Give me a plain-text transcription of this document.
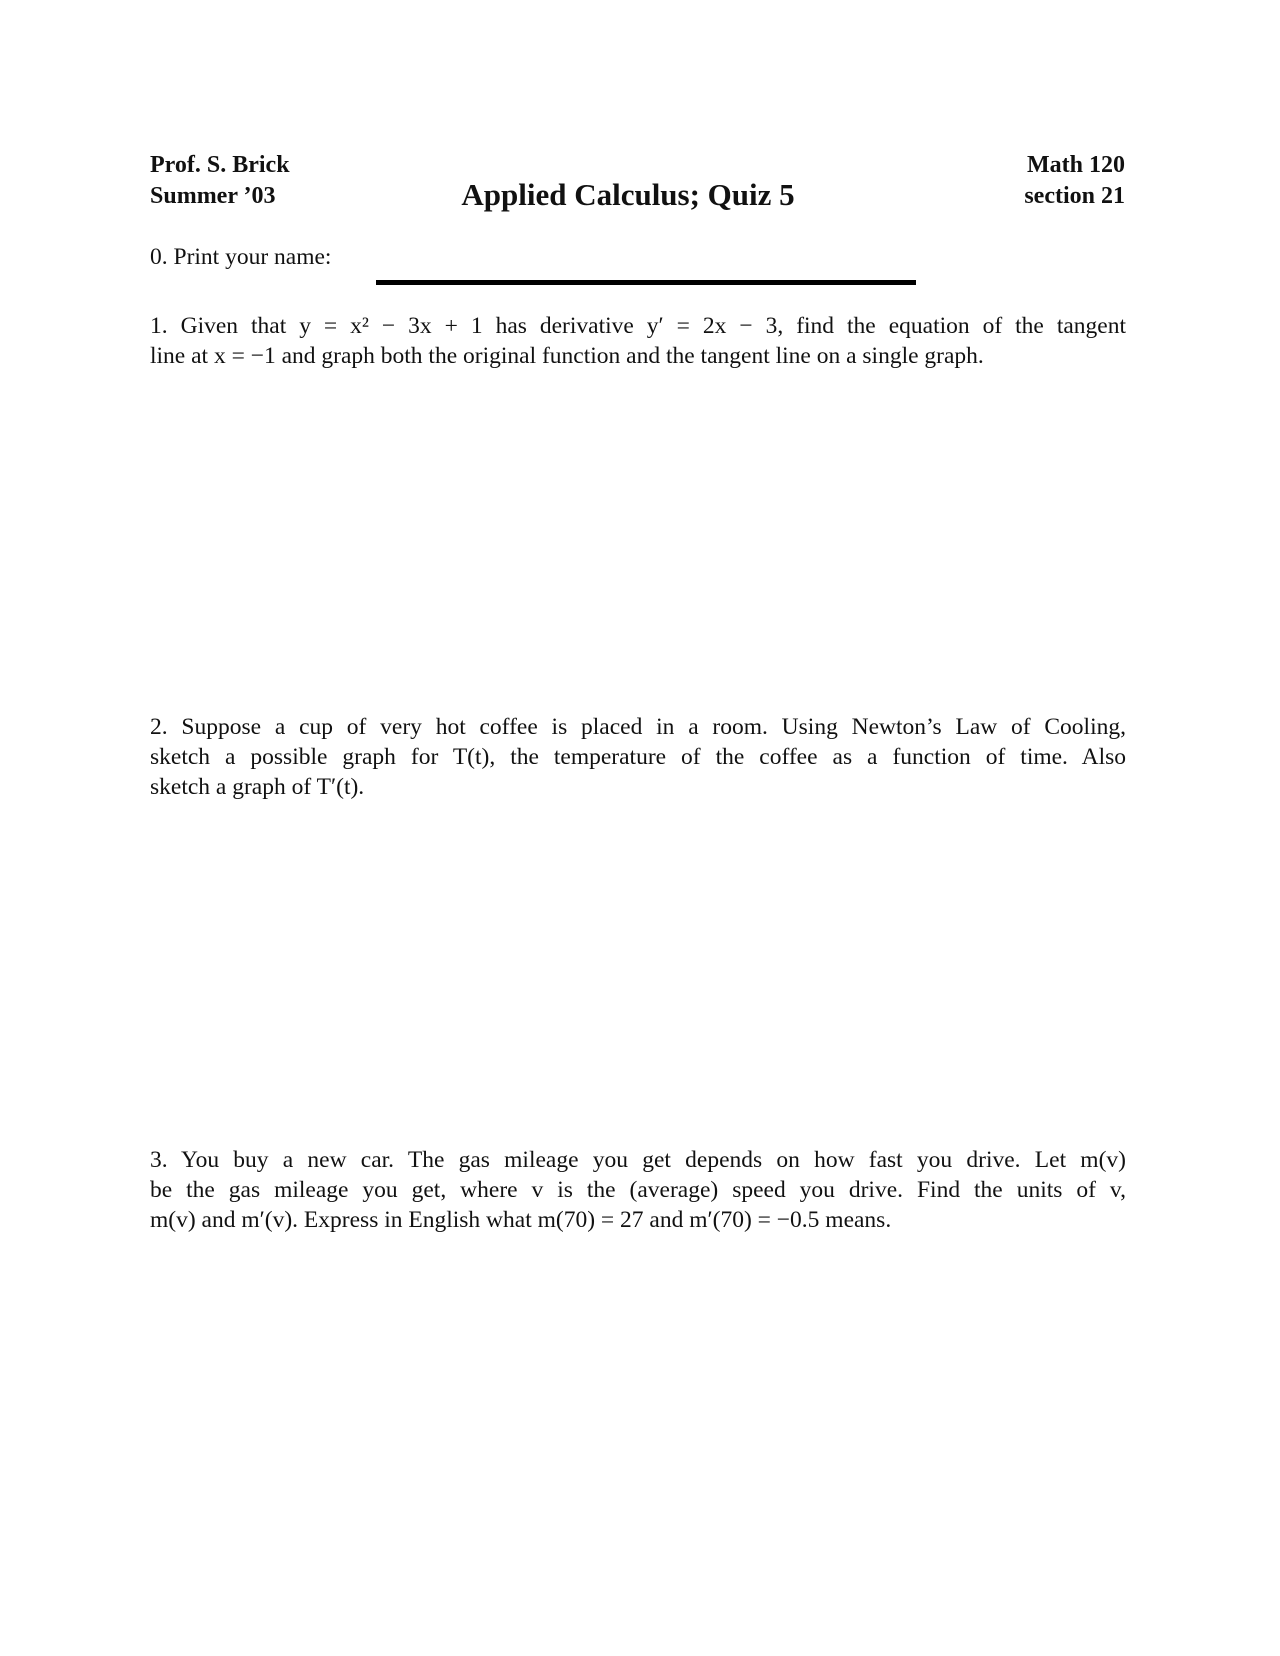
Prof. S. Brick
Summer ’03	Applied Calculus; Quiz 5
Math 120
section 21
0. Print your name:
1. Given that y = x² − 3x + 1 has derivative y′ = 2x − 3, find the equation of the tangent
line at x = −1 and graph both the original function and the tangent line on a single graph.
2. Suppose a cup of very hot coffee is placed in a room. Using Newton’s Law of Cooling,
sketch a possible graph for T(t), the temperature of the coffee as a function of time. Also
sketch a graph of T′(t).
3. You buy a new car. The gas mileage you get depends on how fast you drive. Let m(v)
be the gas mileage you get, where v is the (average) speed you drive. Find the units of v,
m(v) and m′(v). Express in English what m(70) = 27 and m′(70) = −0.5 means.
